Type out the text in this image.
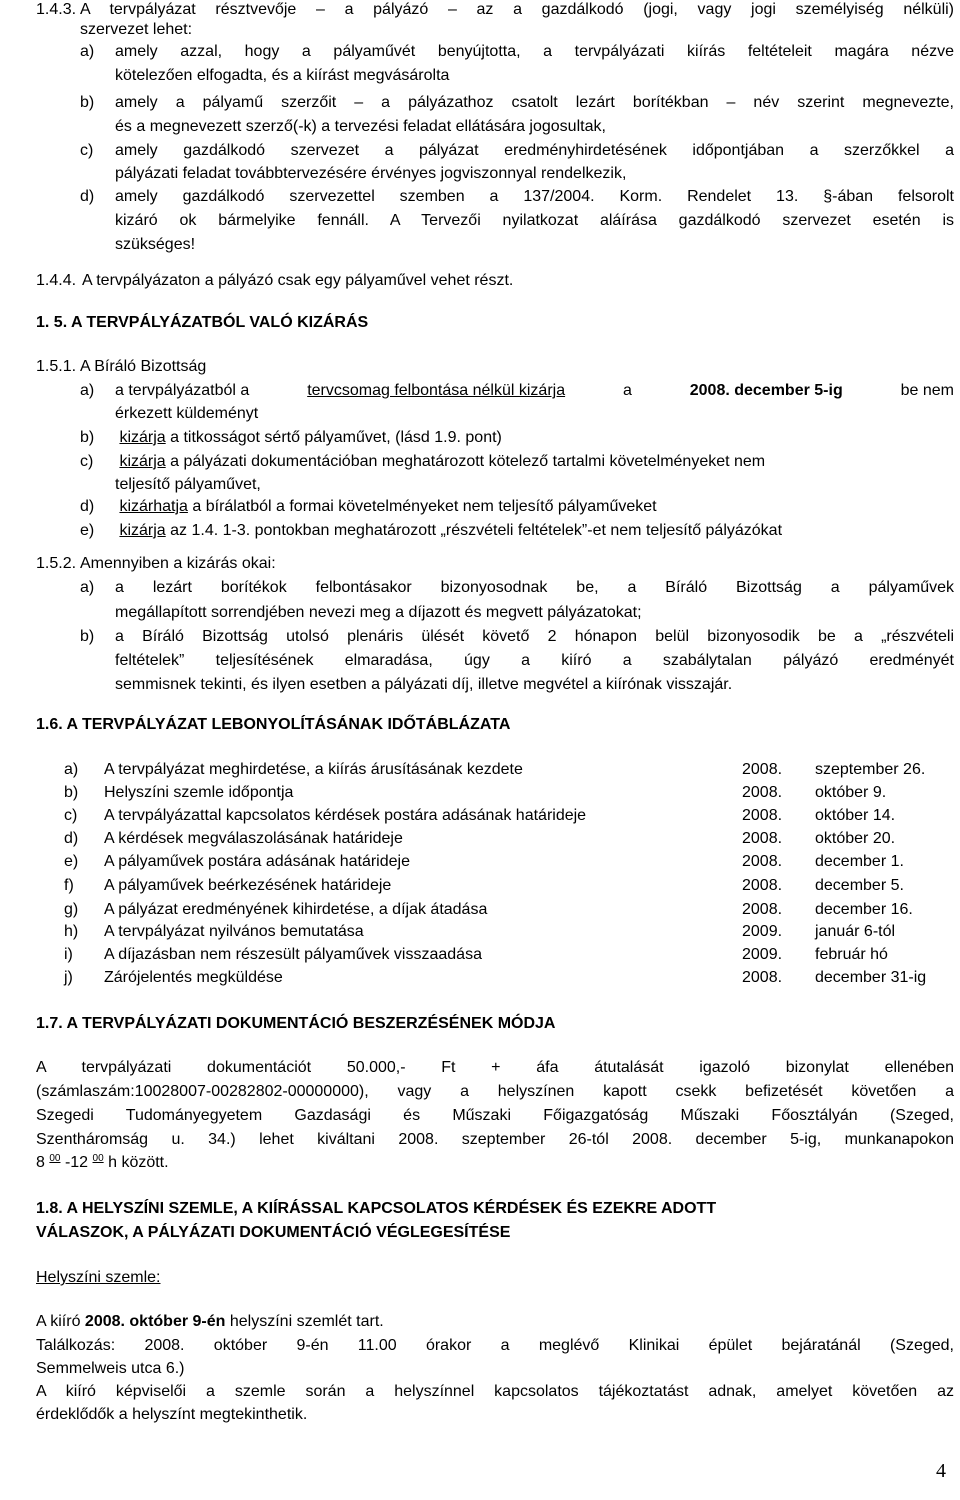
1.4.3. A tervpályázat résztvevője – a pályázó – az a gazdálkodó (jogi, vagy jogi személyiség nélküli)
szervezet lehet:
a) amely azzal, hogy a pályaművét benyújtotta, a tervpályázati kiírás feltételeit magára nézve
kötelezően elfogadta, és a kiírást megvásárolta
b) amely a pályamű szerzőit – a pályázathoz csatolt lezárt borítékban – név szerint megnevezte,
és a megnevezett szerző(-k) a tervezési feladat ellátására jogosultak,
c) amely gazdálkodó szervezet a pályázat eredményhirdetésének időpontjában a szerzőkkel a
pályázati feladat továbbtervezésére érvényes jogviszonnyal rendelkezik,
d) amely gazdálkodó szervezettel szemben a 137/2004. Korm. Rendelet 13. §-ában felsorolt
kizáró ok bármelyike fennáll. A Tervezői nyilatkozat aláírása gazdálkodó szervezet esetén is
szükséges!
1.4.4. A tervpályázaton a pályázó csak egy pályaművel vehet részt.
1. 5. A TERVPÁLYÁZATBÓL VALÓ KIZÁRÁS
1.5.1. A Bíráló Bizottság
a) a tervpályázatból a	tervcsomag felbontása nélkül kizárja	a	2008. december 5-ig	be nem
érkezett küldeményt
b) kizárja a titkosságot sértő pályaművet, (lásd 1.9. pont)
c) kizárja a pályázati dokumentációban meghatározott kötelező tartalmi követelményeket nem
teljesítő pályaművet,
d) kizárhatja a bírálatból a formai követelményeket nem teljesítő pályaműveket
e) kizárja az 1.4. 1-3. pontokban meghatározott „részvételi feltételek”-et nem teljesítő pályázókat
1.5.2. Amennyiben a kizárás okai:
a) a lezárt borítékok felbontásakor bizonyosodnak be, a Bíráló Bizottság a pályaművek
megállapított sorrendjében nevezi meg a díjazott és megvett pályázatokat;
b) a Bíráló Bizottság utolsó plenáris ülését követő 2 hónapon belül bizonyosodik be a „részvételi
feltételek” teljesítésének elmaradása, úgy a kiíró a szabálytalan pályázó eredményét
semmisnek tekinti, és ilyen esetben a pályázati díj, illetve megvétel a kiírónak visszajár.
1.6. A TERVPÁLYÁZAT LEBONYOLÍTÁSÁNAK IDŐTÁBLÁZATA
a) A tervpályázat meghirdetése, a kiírás árusításának kezdete	2008. szeptember 26.
b) Helyszíni szemle időpontja	2008. október 9.
c) A tervpályázattal kapcsolatos kérdések postára adásának határideje	2008. október 14.
d) A kérdések megválaszolásának határideje	2008. október 20.
e) A pályaművek postára adásának határideje	2008. december 1.
f) A pályaművek beérkezésének határideje	2008. december 5.
g) A pályázat eredményének kihirdetése, a díjak átadása	2008. december 16.
h) A tervpályázat nyilvános bemutatása	2009. január 6-tól
i) A díjazásban nem részesült pályaművek visszaadása	2009. február hó
j) Zárójelentés megküldése	2008. december 31-ig
1.7. A TERVPÁLYÁZATI DOKUMENTÁCIÓ BESZERZÉSÉNEK MÓDJA
A tervpályázati dokumentációt 50.000,- Ft + áfa átutalását igazoló bizonylat ellenében
(számlaszám:10028007-00282802-00000000), vagy a helyszínen kapott csekk befizetését követően a
Szegedi Tudományegyetem Gazdasági és Műszaki Főigazgatóság Műszaki Főosztályán (Szeged,
Szentháromság u. 34.) lehet kiváltani 2008. szeptember 26-tól 2008. december 5-ig, munkanapokon
8 $^{00}$ -12 $^{00}$ h között.
1.8. A HELYSZÍNI SZEMLE, A KIÍRÁSSAL KAPCSOLATOS KÉRDÉSEK ÉS EZEKRE ADOTT
VÁLASZOK, A PÁLYÁZATI DOKUMENTÁCIÓ VÉGLEGESÍTÉSE
Helyszíni szemle:
A kiíró 2008. október 9-én helyszíni szemlét tart.
Találkozás: 2008. október 9-én 11.00 órakor a meglévő Klinikai épület bejáratánál (Szeged,
Semmelweis utca 6.)
A kiíró képviselői a szemle során a helyszínnel kapcsolatos tájékoztatást adnak, amelyet követően az
érdeklődők a helyszínt megtekinthetik.
4
